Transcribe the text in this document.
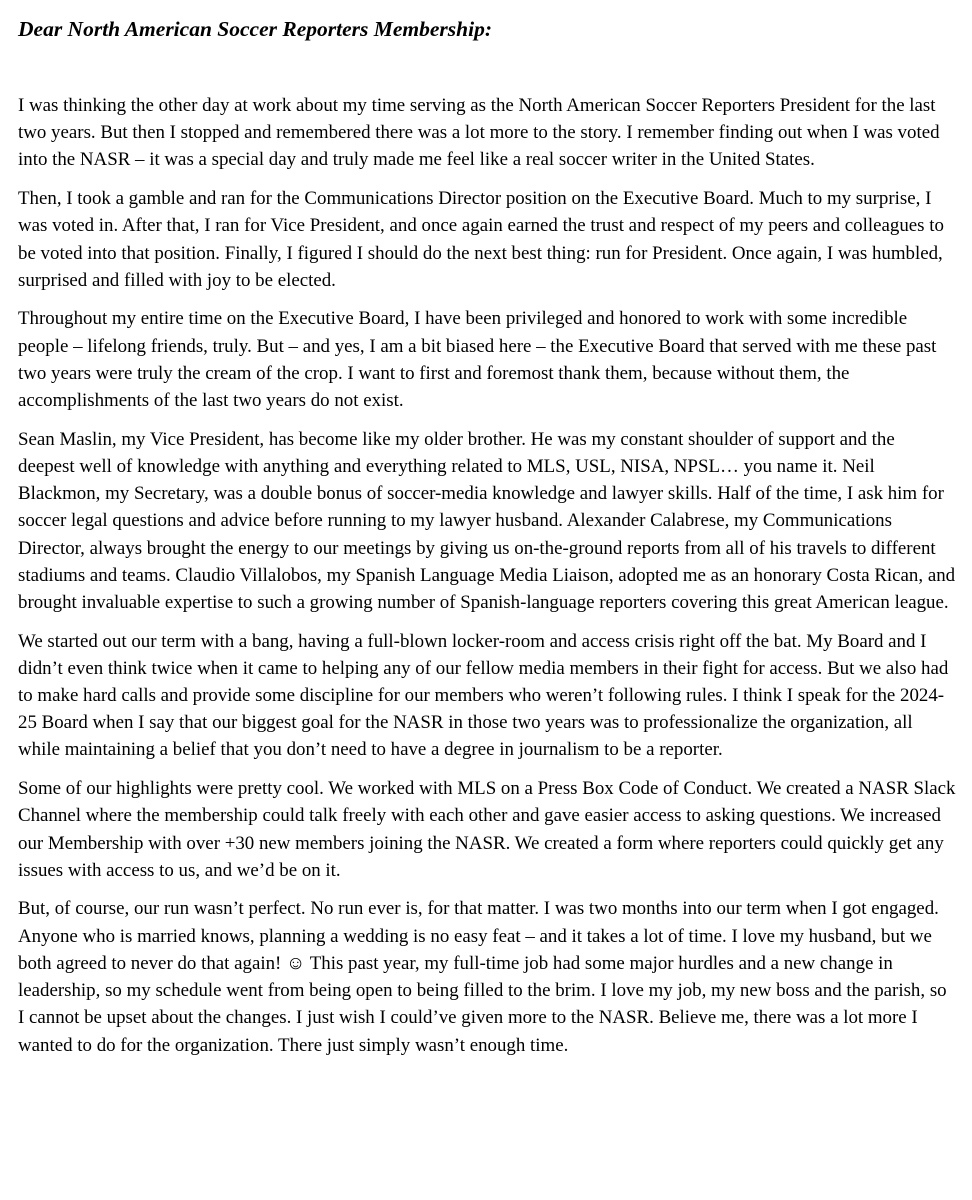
Dear North American Soccer Reporters Membership:

I was thinking the other day at work about my time serving as the North American Soccer Reporters President for the last two years. But then I stopped and remembered there was a lot more to the story. I remember finding out when I was voted into the NASR – it was a special day and truly made me feel like a real soccer writer in the United States.

Then, I took a gamble and ran for the Communications Director position on the Executive Board. Much to my surprise, I was voted in. After that, I ran for Vice President, and once again earned the trust and respect of my peers and colleagues to be voted into that position. Finally, I figured I should do the next best thing: run for President. Once again, I was humbled, surprised and filled with joy to be elected.

Throughout my entire time on the Executive Board, I have been privileged and honored to work with some incredible people – lifelong friends, truly. But – and yes, I am a bit biased here – the Executive Board that served with me these past two years were truly the cream of the crop. I want to first and foremost thank them, because without them, the accomplishments of the last two years do not exist.

Sean Maslin, my Vice President, has become like my older brother. He was my constant shoulder of support and the deepest well of knowledge with anything and everything related to MLS, USL, NISA, NPSL… you name it. Neil Blackmon, my Secretary, was a double bonus of soccer-media knowledge and lawyer skills. Half of the time, I ask him for soccer legal questions and advice before running to my lawyer husband. Alexander Calabrese, my Communications Director, always brought the energy to our meetings by giving us on-the-ground reports from all of his travels to different stadiums and teams. Claudio Villalobos, my Spanish Language Media Liaison, adopted me as an honorary Costa Rican, and brought invaluable expertise to such a growing number of Spanish-language reporters covering this great American league.

We started out our term with a bang, having a full-blown locker-room and access crisis right off the bat. My Board and I didn’t even think twice when it came to helping any of our fellow media members in their fight for access. But we also had to make hard calls and provide some discipline for our members who weren’t following rules. I think I speak for the 2024-25 Board when I say that our biggest goal for the NASR in those two years was to professionalize the organization, all while maintaining a belief that you don’t need to have a degree in journalism to be a reporter.

Some of our highlights were pretty cool. We worked with MLS on a Press Box Code of Conduct. We created a NASR Slack Channel where the membership could talk freely with each other and gave easier access to asking questions. We increased our Membership with over +30 new members joining the NASR. We created a form where reporters could quickly get any issues with access to us, and we’d be on it.

But, of course, our run wasn’t perfect. No run ever is, for that matter. I was two months into our term when I got engaged. Anyone who is married knows, planning a wedding is no easy feat – and it takes a lot of time. I love my husband, but we both agreed to never do that again! ☺ This past year, my full-time job had some major hurdles and a new change in leadership, so my schedule went from being open to being filled to the brim. I love my job, my new boss and the parish, so I cannot be upset about the changes. I just wish I could’ve given more to the NASR. Believe me, there was a lot more I wanted to do for the organization. There just simply wasn’t enough time.
